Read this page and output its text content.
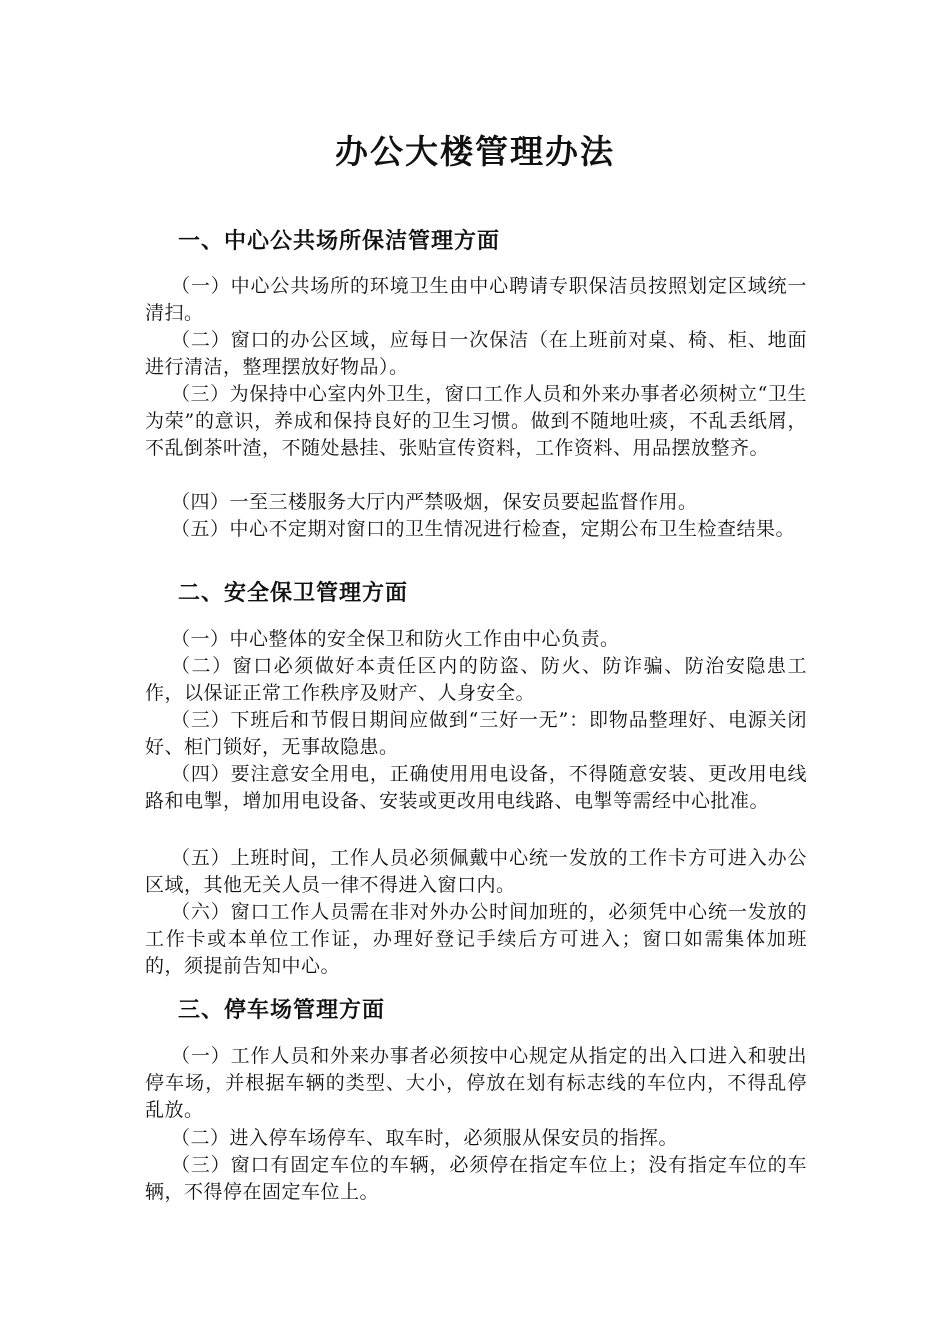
办公大楼管理办法
一、中心公共场所保洁管理方面

（一）中心公共场所的环境卫生由中心聘请专职保洁员按照划定区域统一清扫。

（二）窗口的办公区域，应每日一次保洁（在上班前对桌、椅、柜、地面进行清洁，整理摆放好物品）。

（三）为保持中心室内外卫生，窗口工作人员和外来办事者必须树立“卫生为荣”的意识，养成和保持良好的卫生习惯。做到不随地吐痰，不乱丢纸屑，不乱倒茶叶渣，不随处悬挂、张贴宣传资料，工作资料、用品摆放整齐。

（四）一至三楼服务大厅内严禁吸烟，保安员要起监督作用。

（五）中心不定期对窗口的卫生情况进行检查，定期公布卫生检查结果。

二、安全保卫管理方面

（一）中心整体的安全保卫和防火工作由中心负责。

（二）窗口必须做好本责任区内的防盗、防火、防诈骗、防治安隐患工作，以保证正常工作秩序及财产、人身安全。

（三）下班后和节假日期间应做到“三好一无”：即物品整理好、电源关闭好、柜门锁好，无事故隐患。

（四）要注意安全用电，正确使用用电设备，不得随意安装、更改用电线路和电掣，增加用电设备、安装或更改用电线路、电掣等需经中心批准。

（五）上班时间，工作人员必须佩戴中心统一发放的工作卡方可进入办公区域，其他无关人员一律不得进入窗口内。

（六）窗口工作人员需在非对外办公时间加班的，必须凭中心统一发放的工作卡或本单位工作证，办理好登记手续后方可进入；窗口如需集体加班的，须提前告知中心。

三、停车场管理方面

（一）工作人员和外来办事者必须按中心规定从指定的出入口进入和驶出停车场，并根据车辆的类型、大小，停放在划有标志线的车位内，不得乱停乱放。

（二）进入停车场停车、取车时，必须服从保安员的指挥。

（三）窗口有固定车位的车辆，必须停在指定车位上；没有指定车位的车辆，不得停在固定车位上。
